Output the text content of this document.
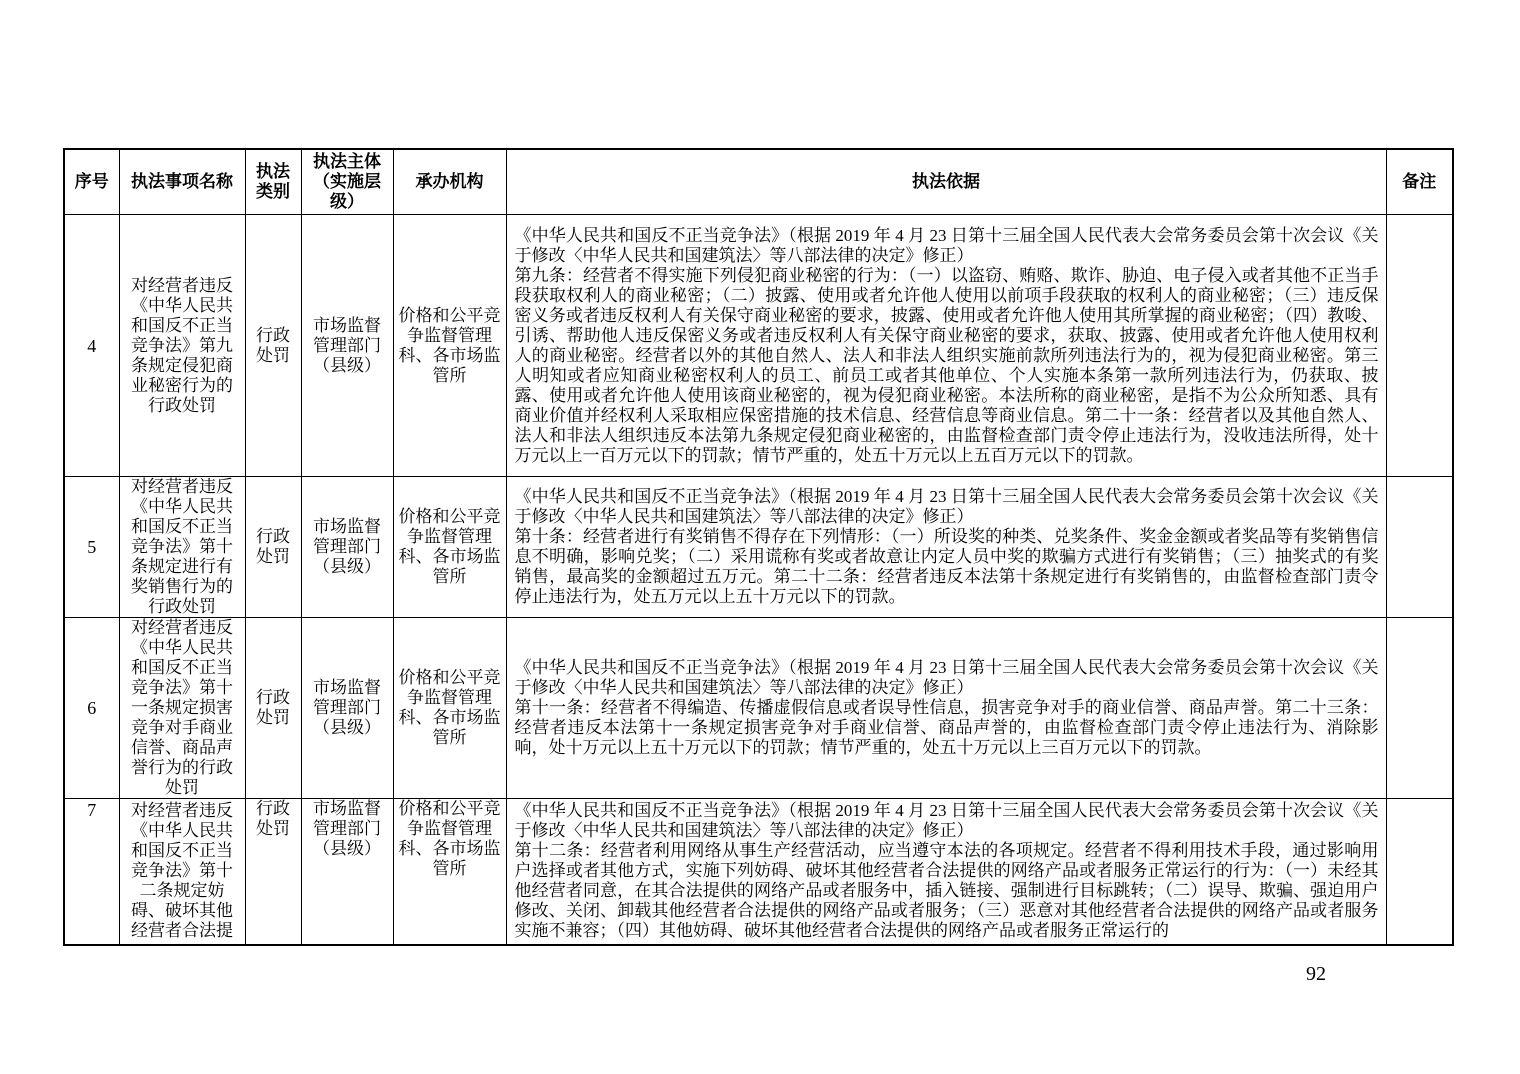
序号	执法事项名称	执法类别	执法主体（实施层级）	承办机构	执法依据	备注
4	对经营者违反《中华人民共和国反不正当竞争法》第九条规定侵犯商业秘密行为的行政处罚	行政处罚	市场监督管理部门（县级）	价格和公平竞争监督管理科、各市场监管所	《中华人民共和国反不正当竞争法》（根据 2019 年 4 月 23 日第十三届全国人民代表大会常务委员会第十次会议《关于修改〈中华人民共和国建筑法〉等八部法律的决定》修正）

第九条：经营者不得实施下列侵犯商业秘密的行为：（一）以盗窃、贿赂、欺诈、胁迫、电子侵入或者其他不正当手段获取权利人的商业秘密；（二）披露、使用或者允许他人使用以前项手段获取的权利人的商业秘密；（三）违反保密义务或者违反权利人有关保守商业秘密的要求，披露、使用或者允许他人使用其所掌握的商业秘密；（四）教唆、引诱、帮助他人违反保密义务或者违反权利人有关保守商业秘密的要求，获取、披露、使用或者允许他人使用权利人的商业秘密。经营者以外的其他自然人、法人和非法人组织实施前款所列违法行为的，视为侵犯商业秘密。第三人明知或者应知商业秘密权利人的员工、前员工或者其他单位、个人实施本条第一款所列违法行为，仍获取、披露、使用或者允许他人使用该商业秘密的，视为侵犯商业秘密。本法所称的商业秘密，是指不为公众所知悉、具有商业价值并经权利人采取相应保密措施的技术信息、经营信息等商业信息。第二十一条：经营者以及其他自然人、法人和非法人组织违反本法第九条规定侵犯商业秘密的，由监督检查部门责令停止违法行为，没收违法所得，处十万元以上一百万元以下的罚款；情节严重的，处五十万元以上五百万元以下的罚款。	

5	对经营者违反《中华人民共和国反不正当竞争法》第十条规定进行有奖销售行为的行政处罚	行政处罚	市场监督管理部门（县级）	价格和公平竞争监督管理科、各市场监管所	《中华人民共和国反不正当竞争法》（根据 2019 年 4 月 23 日第十三届全国人民代表大会常务委员会第十次会议《关于修改〈中华人民共和国建筑法〉等八部法律的决定》修正）

第十条：经营者进行有奖销售不得存在下列情形：（一）所设奖的种类、兑奖条件、奖金金额或者奖品等有奖销售信息不明确，影响兑奖；（二）采用谎称有奖或者故意让内定人员中奖的欺骗方式进行有奖销售；（三）抽奖式的有奖销售，最高奖的金额超过五万元。第二十二条：经营者违反本法第十条规定进行有奖销售的，由监督检查部门责令停止违法行为，处五万元以上五十万元以下的罚款。	

6	对经营者违反《中华人民共和国反不正当竞争法》第十一条规定损害竞争对手商业信誉、商品声誉行为的行政处罚	行政处罚	市场监督管理部门（县级）	价格和公平竞争监督管理科、各市场监管所	《中华人民共和国反不正当竞争法》（根据 2019 年 4 月 23 日第十三届全国人民代表大会常务委员会第十次会议《关于修改〈中华人民共和国建筑法〉等八部法律的决定》修正）

第十一条：经营者不得编造、传播虚假信息或者误导性信息，损害竞争对手的商业信誉、商品声誉。第二十三条：经营者违反本法第十一条规定损害竞争对手商业信誉、商品声誉的，由监督检查部门责令停止违法行为、消除影响，处十万元以上五十万元以下的罚款；情节严重的，处五十万元以上三百万元以下的罚款。	

7	对经营者违反《中华人民共和国反不正当竞争法》第十二条规定妨碍、破坏其他经营者合法提	行政处罚	市场监督管理部门（县级）	价格和公平竞争监督管理科、各市场监管所	《中华人民共和国反不正当竞争法》（根据 2019 年 4 月 23 日第十三届全国人民代表大会常务委员会第十次会议《关于修改〈中华人民共和国建筑法〉等八部法律的决定》修正）

第十二条：经营者利用网络从事生产经营活动，应当遵守本法的各项规定。经营者不得利用技术手段，通过影响用户选择或者其他方式，实施下列妨碍、破坏其他经营者合法提供的网络产品或者服务正常运行的行为：（一）未经其他经营者同意，在其合法提供的网络产品或者服务中，插入链接、强制进行目标跳转；（二）误导、欺骗、强迫用户修改、关闭、卸载其他经营者合法提供的网络产品或者服务；（三）恶意对其他经营者合法提供的网络产品或者服务实施不兼容；（四）其他妨碍、破坏其他经营者合法提供的网络产品或者服务正常运行的	

92
